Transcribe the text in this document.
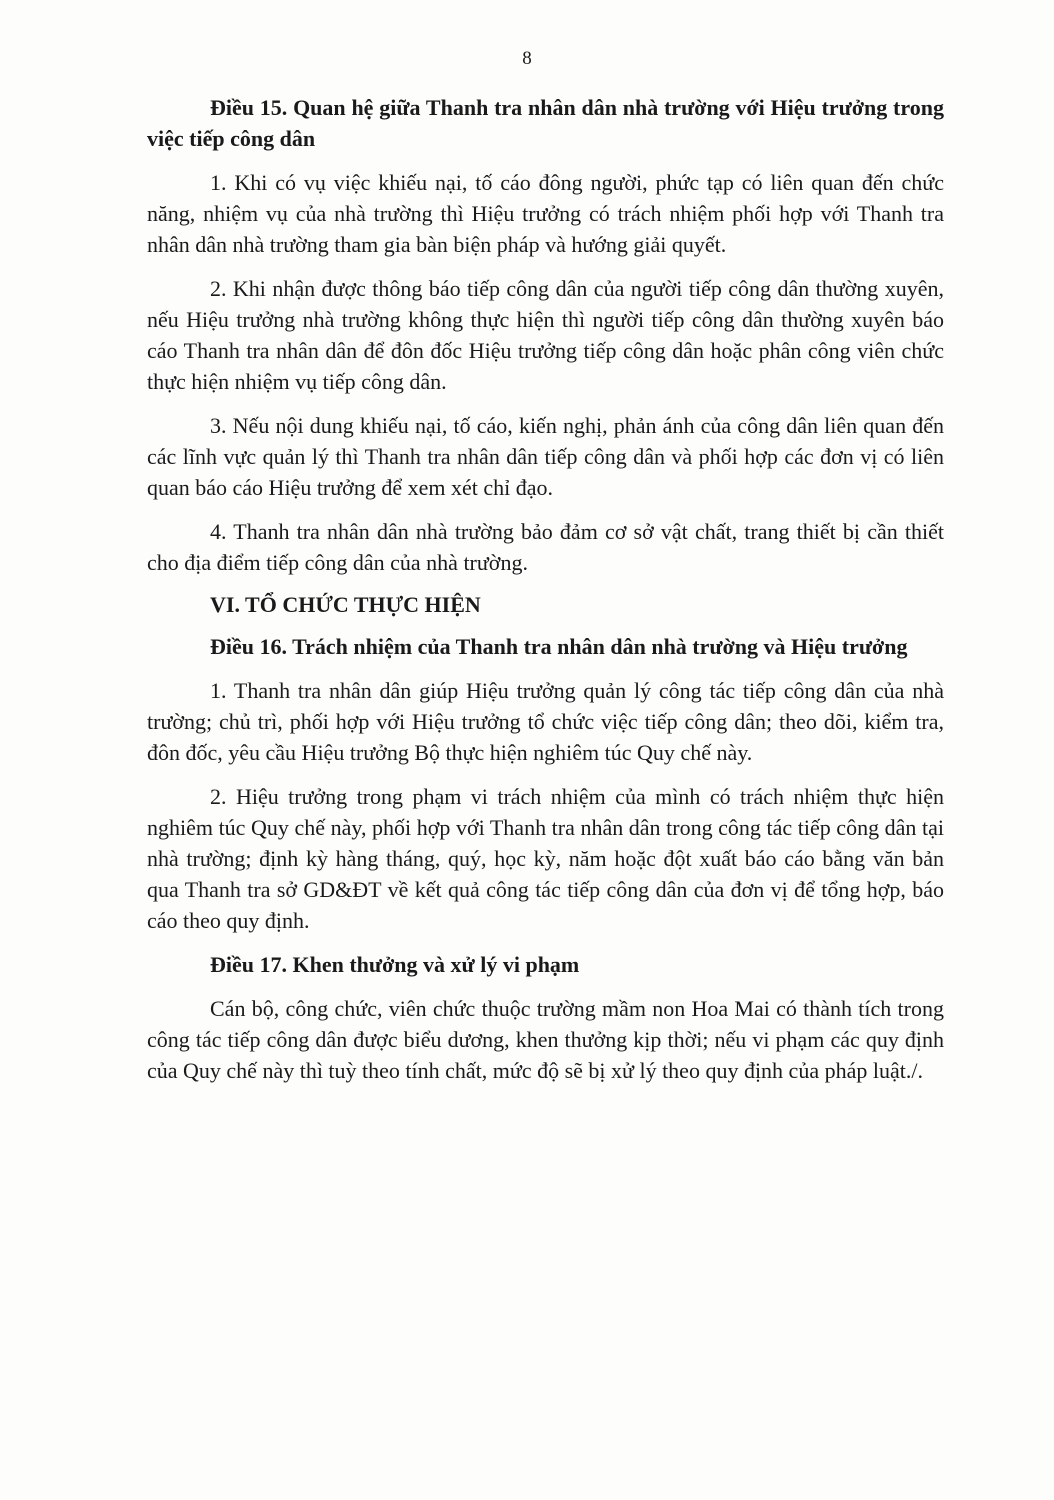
8

Điều 15. Quan hệ giữa Thanh tra nhân dân nhà trường với Hiệu trưởng trong việc tiếp công dân

1. Khi có vụ việc khiếu nại, tố cáo đông người, phức tạp có liên quan đến chức năng, nhiệm vụ của nhà trường thì Hiệu trưởng có trách nhiệm phối hợp với Thanh tra nhân dân nhà trường tham gia bàn biện pháp và hướng giải quyết.

2. Khi nhận được thông báo tiếp công dân của người tiếp công dân thường xuyên, nếu Hiệu trưởng nhà trường không thực hiện thì người tiếp công dân thường xuyên báo cáo Thanh tra nhân dân để đôn đốc Hiệu trưởng tiếp công dân hoặc phân công viên chức thực hiện nhiệm vụ tiếp công dân.

3. Nếu nội dung khiếu nại, tố cáo, kiến nghị, phản ánh của công dân liên quan đến các lĩnh vực quản lý thì Thanh tra nhân dân tiếp công dân và phối hợp các đơn vị có liên quan báo cáo Hiệu trưởng để xem xét chỉ đạo.

4. Thanh tra nhân dân nhà trường bảo đảm cơ sở vật chất, trang thiết bị cần thiết cho địa điểm tiếp công dân của nhà trường.

VI. TỔ CHỨC THỰC HIỆN

Điều 16. Trách nhiệm của Thanh tra nhân dân nhà trường và Hiệu trưởng

1. Thanh tra nhân dân giúp Hiệu trưởng quản lý công tác tiếp công dân của nhà trường; chủ trì, phối hợp với Hiệu trưởng tổ chức việc tiếp công dân; theo dõi, kiểm tra, đôn đốc, yêu cầu Hiệu trưởng Bộ thực hiện nghiêm túc Quy chế này.

2. Hiệu trưởng trong phạm vi trách nhiệm của mình có trách nhiệm thực hiện nghiêm túc Quy chế này, phối hợp với Thanh tra nhân dân trong công tác tiếp công dân tại nhà trường; định kỳ hàng tháng, quý, học kỳ, năm hoặc đột xuất báo cáo bằng văn bản qua Thanh tra sở GD&ĐT về kết quả công tác tiếp công dân của đơn vị để tổng hợp, báo cáo theo quy định.

Điều 17. Khen thưởng và xử lý vi phạm

Cán bộ, công chức, viên chức thuộc trường mầm non Hoa Mai có thành tích trong công tác tiếp công dân được biểu dương, khen thưởng kịp thời; nếu vi phạm các quy định của Quy chế này thì tuỳ theo tính chất, mức độ sẽ bị xử lý theo quy định của pháp luật./.
